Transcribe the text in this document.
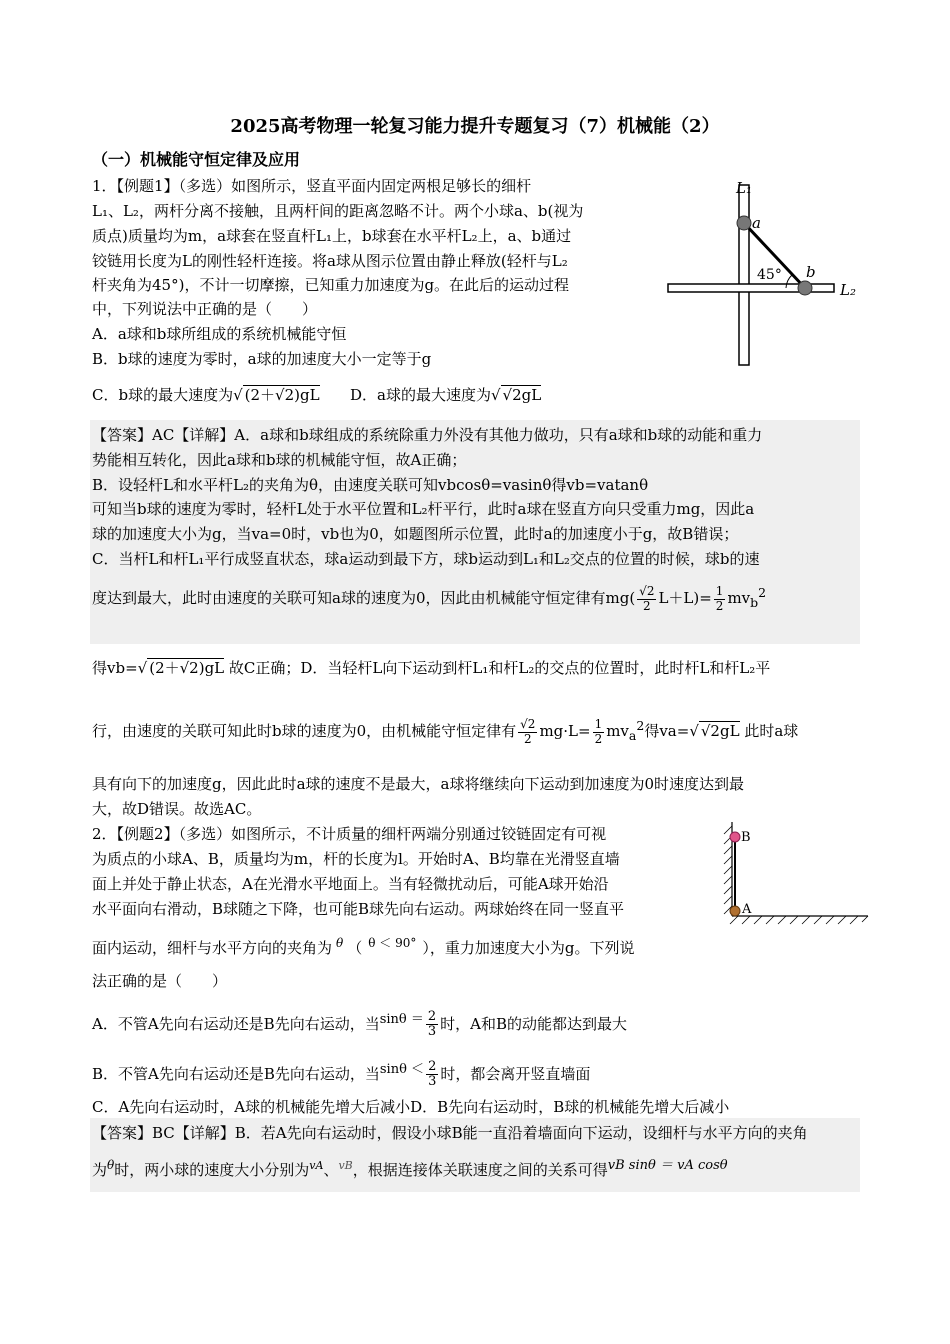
2025高考物理一轮复习能力提升专题复习（7）机械能（2）
（一）机械能守恒定律及应用
1．【例题1】（多选）如图所示，竖直平面内固定两根足够长的细杆
L₁、L₂，两杆分离不接触，且两杆间的距离忽略不计。两个小球a、b(视为
质点)质量均为m，a球套在竖直杆L₁上，b球套在水平杆L₂上，a、b通过
铰链用长度为L的刚性轻杆连接。将a球从图示位置由静止释放(轻杆与L₂
杆夹角为45°)，不计一切摩擦，已知重力加速度为g。在此后的运动过程
中，下列说法中正确的是（　　）
A．a球和b球所组成的系统机械能守恒
B．b球的速度为零时，a球的加速度大小一定等于g
C．b球的最大速度为√ (2＋√2)gL D．a球的最大速度为√ √2gL
L₁
a
45° b
L₂
【答案】AC【详解】A．a球和b球组成的系统除重力外没有其他力做功，只有a球和b球的动能和重力
势能相互转化，因此a球和b球的机械能守恒，故A正确；
B．设轻杆L和水平杆L₂的夹角为θ，由速度关联可知vbcosθ=vasinθ得vb=vatanθ
可知当b球的速度为零时，轻杆L处于水平位置和L₂杆平行，此时a球在竖直方向只受重力mg，因此a
球的加速度大小为g，当va=0时，vb也为0，如题图所示位置，此时a的加速度小于g，故B错误；
C．当杆L和杆L₁平行成竖直状态，球a运动到最下方，球b运动到L₁和L₂交点的位置的时候，球b的速
度达到最大，此时由速度的关联可知a球的速度为0，因此由机械能守恒定律有$mg( \frac{√2}{2} L+L)= \frac{1}{2} mv_b^2$
得vb=√ (2＋√2)gL 故C正确；D．当轻杆L向下运动到杆L₁和杆L₂的交点的位置时，此时杆L和杆L₂平
行，由速度的关联可知此时b球的速度为0，由机械能守恒定律有 $\frac{√2}{2} mg\cdot L= \frac{1}{2} mv_a^2$得va=√ √2gL 此时a球
具有向下的加速度g，因此此时a球的速度不是最大，a球将继续向下运动到加速度为0时速度达到最
大，故D错误。故选AC。
2．【例题2】（多选）如图所示，不计质量的细杆两端分别通过铰链固定有可视
为质点的小球A、B，质量均为m，杆的长度为l。开始时A、B均靠在光滑竖直墙
面上并处于静止状态，A在光滑水平地面上。当有轻微扰动后，可能A球开始沿
水平面向右滑动，B球随之下降，也可能B球先向右运动。两球始终在同一竖直平
面内运动，细杆与水平方向的夹角为 $^\theta$ （ $^{\theta < 90^\circ}$ ），重力加速度大小为g。下列说
法正确的是（　　）
A．不管A先向右运动还是B先向右运动，当$\sin\theta = \frac{2}{3}$ 时，A和B的动能都达到最大
B．不管A先向右运动还是B先向右运动，当$\sin\theta < \frac{2}{3}$ 时，都会离开竖直墙面
C．A先向右运动时，A球的机械能先增大后减小D．B先向右运动时，B球的机械能先增大后减小
B
A
【答案】BC【详解】B．若A先向右运动时，假设小球B能一直沿着墙面向下运动，设细杆与水平方向的夹角
为$^\theta$时，两小球的速度大小分别为$^{vA}$、$^{vB}$，根据连接体关联速度之间的关系可得vB sinθ ＝ vA cosθ
